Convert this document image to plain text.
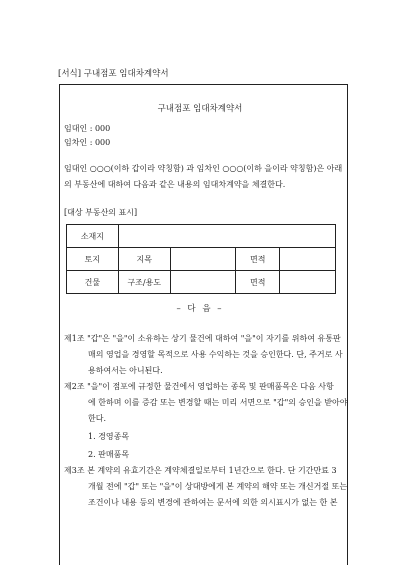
[서식] 구내점포 임대차계약서
구내점포 임대차계약서
임대인 : 000
임차인 : 000
임대인 ○○○(이하 갑이라 약칭함) 과 임차인 ○○○(이하 을이라 약칭함)은 아래
의 부동산에 대하여 다음과 같은 내용의 임대차계약을 체결한다.
[대상 부동산의 표시]
소재지				
토지	지목		면적	
건물	구조/용도		면적	
– 다 음 –
제1조 "갑"은 "을"이 소유하는 상기 물건에 대하여 "을"이 자기를 위하여 유통판
매의 영업을 경영할 목적으로 사용 수익하는 것을 승인한다. 단, 주거로 사
용하여서는 아니된다.
제2조 "을"이 점포에 규정한 물건에서 영업하는 종목 및 판매품목은 다음 사항
에 한하며 이를 증감 또는 변경할 때는 미리 서면으로 "갑"의 승인을 받아야
한다.
1. 경영종목
2. 판매품목
제3조 본 계약의 유효기간은 계약체결일로부터 1년간으로 한다. 단 기간만료 3
개월 전에 "갑" 또는 "을"이 상대방에게 본 계약의 해약 또는 개신거절 또는
조건이나 내용 등의 변경에 관하여는 문서에 의한 의시표시가 없는 한 본
